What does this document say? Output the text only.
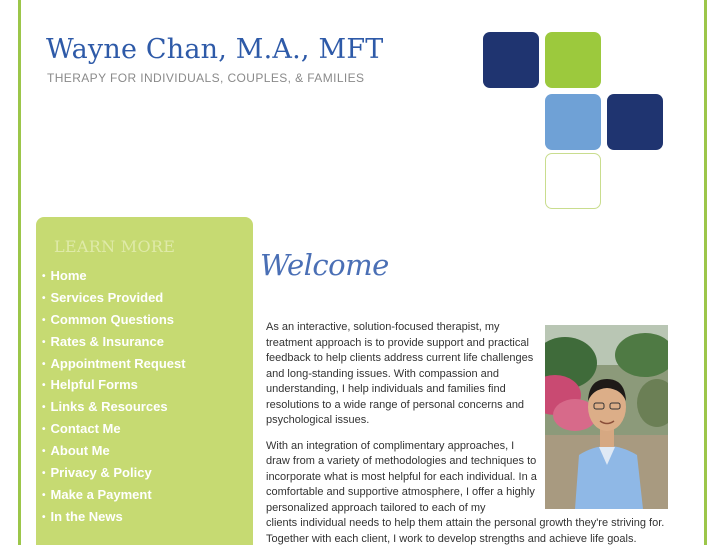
Wayne Chan, M.A., MFT
THERAPY FOR INDIVIDUALS, COUPLES, & FAMILIES
LEARN MORE
• Home
• Services Provided
• Common Questions
• Rates & Insurance
• Appointment Request
• Helpful Forms
• Links & Resources
• Contact Me
• About Me
• Privacy & Policy
• Make a Payment
• In the News
Welcome

As an interactive, solution-focused therapist, my treatment approach is to provide support and practical feedback to help clients address current life challenges and long-standing issues. With compassion and understanding, I help individuals and families find resolutions to a wide range of personal concerns and psychological issues.

With an integration of complimentary approaches, I draw from a variety of methodologies and techniques to incorporate what is most helpful for each individual. In a comfortable and supportive atmosphere, I offer a highly personalized approach tailored to each of my
clients individual needs to help them attain the personal growth they're striving for. Together with each client, I work to develop strengths and achieve life goals.
